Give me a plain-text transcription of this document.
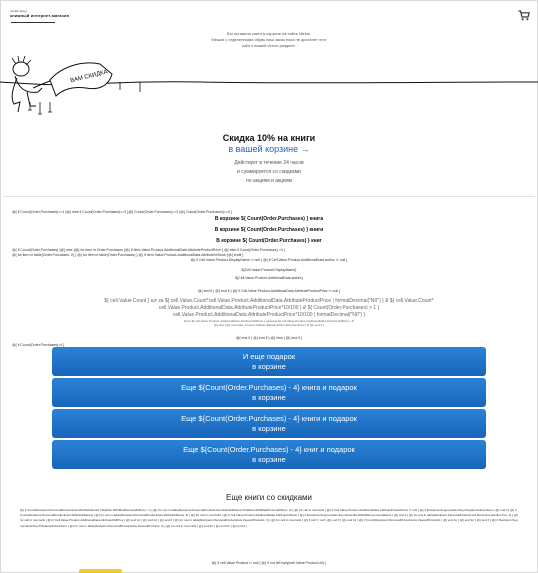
читай-город
книжный интернет-магазин
Вы оставили книги в корзине на сайте Mirbis.
Мешки с отделенными обувь ваш заказ пока не достанет этот
сайт к вашей сетью разделе.
ВАМ СКИДКА
Скидка 10% на книги
в вашей корзине →
Действует в течение 24 часов
и суммируется со скидками
по акциям и акциям
@{ if Count(Order.Purchases)==1 }@{ else if Count(Order.Purchases)==2 }@{ Count(Order.Purchases)==3 }@{ Count(Order.Purchases)==4 }
В корзине ${ Count(Order.Purchases) } книга
В корзине ${ Count(Order.Purchases) } книги
В корзине ${ Count(Order.Purchases) } книг
@{ if Count(Order.Purchases) }@{ else }@{ for item in Order.Purchases }@{ if Item.Value.Product.AdditionalData.AttributeProductPrice } @{ else if Count(Order.Purchases) >4 }
@{ for item in table(Order.Purchases, 2) } @{ for item in table(Order.Purchases) } @{ if Item.Value.Product.AdditionalData.AttributeInStock }@{ endif }
@{ if Cell.Value.Product.DisplayName != null } @{ if Cell.Value.Product.AdditionalData.author != null }
${Cell.Value.Product.DisplayName}
${Cell.Value.Product.AdditionalData.author}
@{ end if } @{ end if } @{ if Cell.Value.Product.AdditionalData.AttributeProductPrice != null }
${ cell.Value.Count } шт за ${ cell.Value.Count*cell.Value.Product.AdditionalData.AttributeProductPrice | formatDecimal("N0") } ₽ ${ cell.Value.Count*
cell.Value.Product.AdditionalData.AttributeProductPrice*10/100 } ₽ ${ Count(Order.Purchases) > 1 }
cell.Value.Product.AdditionalData.AttributeProductPrice*10/100 | formatDecimal("N0") }
Если ${ cell.Value.Product.AdditionalData.AttributeOldPrice } разница ${ cell.Value.Product.AdditionalData.AttributeOldPrice } ₽
@{ else }@{ cell.Value.Product.AdditionalData.AttributeProductPrice } ₽ @{ end if }
@{ end if } @{ end if } @{ else } @{ end if }
@{ if Count(Order.Purchases)>4 }
И еще подарок
в корзине
Еще ${Count(Order.Purchases) - 4} книга и подарок
в корзине
Еще ${Count(Order.Purchases) - 4} книги и подарок
в корзине
Еще ${Count(Order.Purchases) - 4} книг и подарок
в корзине
Еще книги со скидками
@{ if Count(Recipient.PersonalProductLists.WishlistFiltered.VNaliche.WithMedPersonalOffers) > 0 } @{ for row in table(Recipient.PersonalProductLists.WishlistFiltered.VNaliche.WithMedPersonalOffers, 3) } @{ for cell in row.Cells } @{ if Cell.Value.Product.AdditionalData.AttributeProductPrice != null } @{ if Recipient.SegmentationKey.PolyakovSubscribers } @{ end if } @{ if Count(Recipient.PersonalProductLists.WishlistFiltered) } @{ for row in table(Recipient.PersonalProductLists.WishlistFiltered, 3) } @{ for cell in row.Cells } @{ if cell.Value.Product.AdditionalData.AttributeInStock } @{ if Recipient.SegmentationKey.SubscribersWithRecommendations } @{ end if } @{ for row in table(Recipient.PersonalProductLists.RecommendedForYou, 3) } @{ for cell in row.Cells } @{ if Cell.Value.Product.AdditionalData.AttributeOldPrice } @{ end for } @{ end for } @{ end if } @{ for row in table(Recipient.PersonalProductLists.ViewedProducts, 3) } @{ for cell in row.Cells } @{ if cell != null } @{ end if } @{ end for } @{ if Count(Recipient.PersonalProductLists.ViewedProducts) } @{ end for } @{ end for } @{ end if } @{ if Recipient.SegmentationKey.PolyakovSubscribers } @{ for row in table(Recipient.PersonalProductLists.ViewedProducts, 3) } @{ for cell in row.Cells } @{ end for } @{ end for } @{ end if }
@{ if cell.Value.Product != null } @{ if not IsEmpty(cell.Value.Product.Url) }
